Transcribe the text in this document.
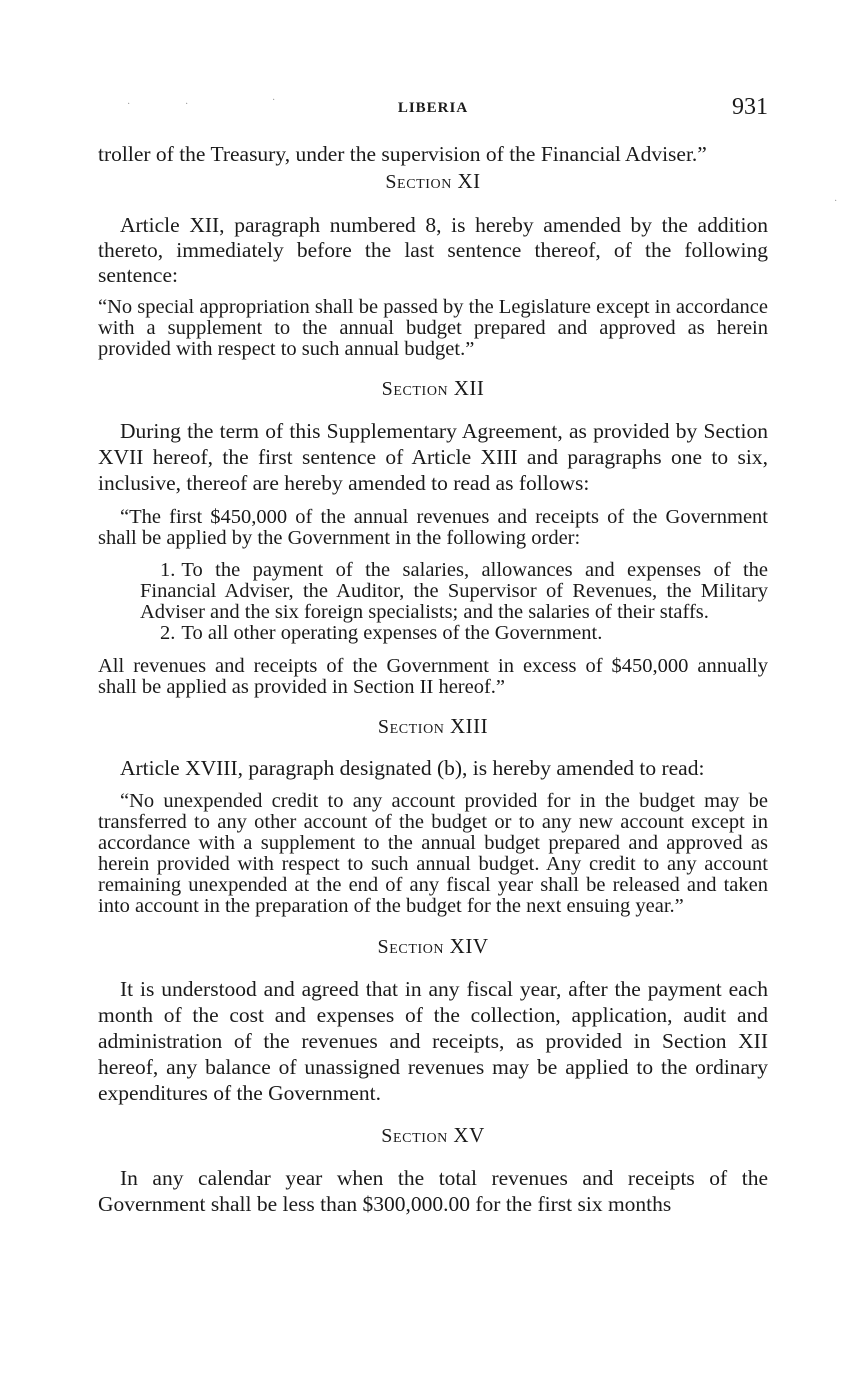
·	·	·
·
LIBERIA	931

troller of the Treasury, under the supervision of the Financial Adviser.”

Section XI

Article XII, paragraph numbered 8, is hereby amended by the addition thereto, immediately before the last sentence thereof, of the following sentence:

“No special appropriation shall be passed by the Legislature except in accordance with a supplement to the annual budget prepared and approved as herein provided with respect to such annual budget.”

Section XII

During the term of this Supplementary Agreement, as provided by Section XVII hereof, the first sentence of Article XIII and paragraphs one to six, inclusive, thereof are hereby amended to read as follows:

“The first $450,000 of the annual revenues and receipts of the Government shall be applied by the Government in the following order:

1. To the payment of the salaries, allowances and expenses of the Financial Adviser, the Auditor, the Supervisor of Revenues, the Military Adviser and the six foreign specialists; and the salaries of their staffs.
2. To all other operating expenses of the Government.

All revenues and receipts of the Government in excess of $450,000 annually shall be applied as provided in Section II hereof.”

Section XIII

Article XVIII, paragraph designated (b), is hereby amended to read:

“No unexpended credit to any account provided for in the budget may be transferred to any other account of the budget or to any new account except in accordance with a supplement to the annual budget prepared and approved as herein provided with respect to such annual budget. Any credit to any account remaining unexpended at the end of any fiscal year shall be released and taken into account in the preparation of the budget for the next ensuing year.”

Section XIV

It is understood and agreed that in any fiscal year, after the payment each month of the cost and expenses of the collection, application, audit and administration of the revenues and receipts, as provided in Section XII hereof, any balance of unassigned revenues may be applied to the ordinary expenditures of the Government.

Section XV

In any calendar year when the total revenues and receipts of the Government shall be less than $300,000.00 for the first six months
